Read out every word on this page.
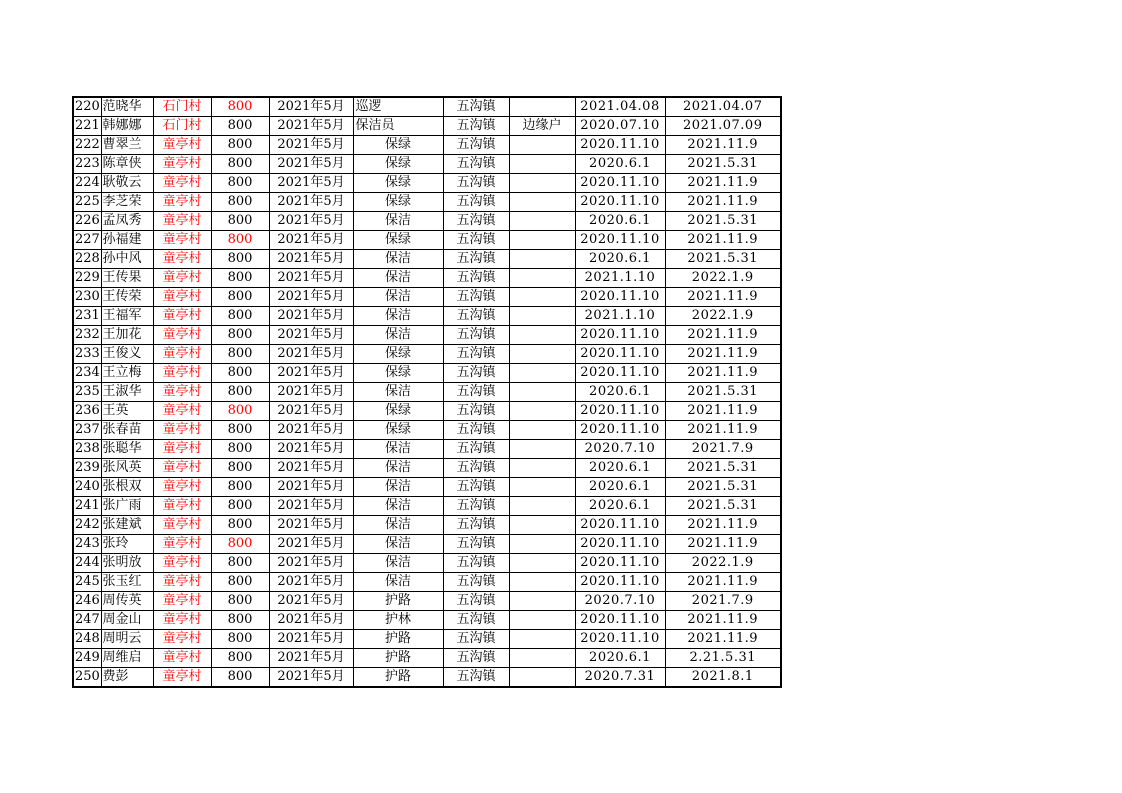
220	范晓华	石门村	800	2021年5月	巡逻	五沟镇		2021.04.08	2021.04.07
221	韩娜娜	石门村	800	2021年5月	保洁员	五沟镇	边缘户	2020.07.10	2021.07.09
222	曹翠兰	童亭村	800	2021年5月	保绿	五沟镇		2020.11.10	2021.11.9
223	陈章侠	童亭村	800	2021年5月	保绿	五沟镇		2020.6.1	2021.5.31
224	耿敬云	童亭村	800	2021年5月	保绿	五沟镇		2020.11.10	2021.11.9
225	李芝荣	童亭村	800	2021年5月	保绿	五沟镇		2020.11.10	2021.11.9
226	孟凤秀	童亭村	800	2021年5月	保洁	五沟镇		2020.6.1	2021.5.31
227	孙福建	童亭村	800	2021年5月	保绿	五沟镇		2020.11.10	2021.11.9
228	孙中风	童亭村	800	2021年5月	保洁	五沟镇		2020.6.1	2021.5.31
229	王传果	童亭村	800	2021年5月	保洁	五沟镇		2021.1.10	2022.1.9
230	王传荣	童亭村	800	2021年5月	保洁	五沟镇		2020.11.10	2021.11.9
231	王福军	童亭村	800	2021年5月	保洁	五沟镇		2021.1.10	2022.1.9
232	王加花	童亭村	800	2021年5月	保洁	五沟镇		2020.11.10	2021.11.9
233	王俊义	童亭村	800	2021年5月	保绿	五沟镇		2020.11.10	2021.11.9
234	王立梅	童亭村	800	2021年5月	保绿	五沟镇		2020.11.10	2021.11.9
235	王淑华	童亭村	800	2021年5月	保洁	五沟镇		2020.6.1	2021.5.31
236	王英	童亭村	800	2021年5月	保绿	五沟镇		2020.11.10	2021.11.9
237	张春苗	童亭村	800	2021年5月	保绿	五沟镇		2020.11.10	2021.11.9
238	张聪华	童亭村	800	2021年5月	保洁	五沟镇		2020.7.10	2021.7.9
239	张风英	童亭村	800	2021年5月	保洁	五沟镇		2020.6.1	2021.5.31
240	张根双	童亭村	800	2021年5月	保洁	五沟镇		2020.6.1	2021.5.31
241	张广雨	童亭村	800	2021年5月	保洁	五沟镇		2020.6.1	2021.5.31
242	张建斌	童亭村	800	2021年5月	保洁	五沟镇		2020.11.10	2021.11.9
243	张玲	童亭村	800	2021年5月	保洁	五沟镇		2020.11.10	2021.11.9
244	张明放	童亭村	800	2021年5月	保洁	五沟镇		2020.11.10	2022.1.9
245	张玉红	童亭村	800	2021年5月	保洁	五沟镇		2020.11.10	2021.11.9
246	周传英	童亭村	800	2021年5月	护路	五沟镇		2020.7.10	2021.7.9
247	周金山	童亭村	800	2021年5月	护林	五沟镇		2020.11.10	2021.11.9
248	周明云	童亭村	800	2021年5月	护路	五沟镇		2020.11.10	2021.11.9
249	周维启	童亭村	800	2021年5月	护路	五沟镇		2020.6.1	2.21.5.31
250	费彭	童亭村	800	2021年5月	护路	五沟镇		2020.7.31	2021.8.1
